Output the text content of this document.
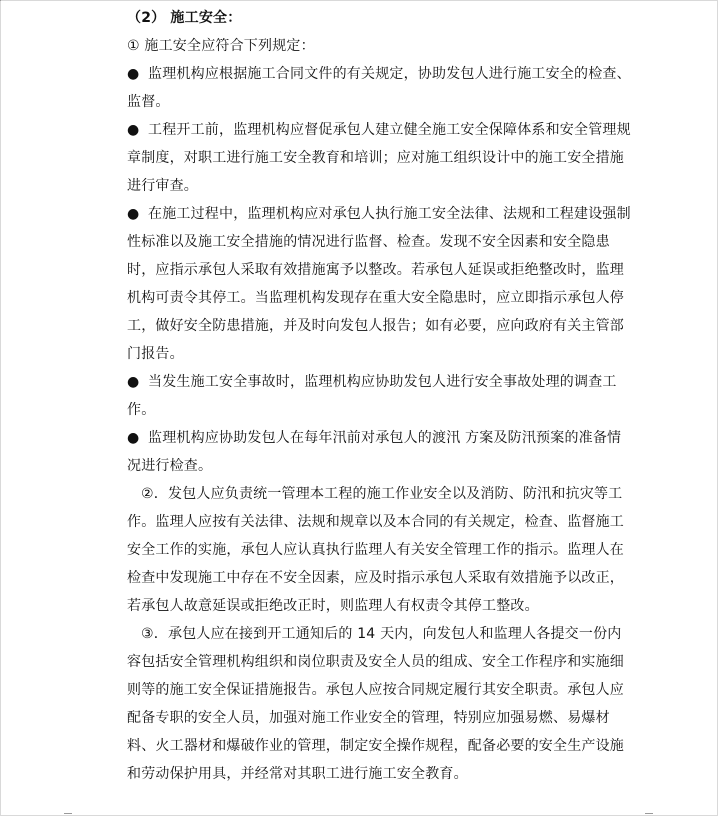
（2） 施工安全：

① 施工安全应符合下列规定：

● 监理机构应根据施工合同文件的有关规定，协助发包人进行施工安全的检查、监督。

● 工程开工前，监理机构应督促承包人建立健全施工安全保障体系和安全管理规章制度，对职工进行施工安全教育和培训；应对施工组织设计中的施工安全措施进行审查。

● 在施工过程中，监理机构应对承包人执行施工安全法律、法规和工程建设强制性标准以及施工安全措施的情况进行监督、检查。发现不安全因素和安全隐患时，应指示承包人采取有效措施寓予以整改。若承包人延误或拒绝整改时，监理机构可责令其停工。当监理机构发现存在重大安全隐患时，应立即指示承包人停工，做好安全防患措施，并及时向发包人报告；如有必要，应向政府有关主管部门报告。

● 当发生施工安全事故时，监理机构应协助发包人进行安全事故处理的调查工作。

● 监理机构应协助发包人在每年汛前对承包人的渡汛 方案及防汛预案的准备情况进行检查。

②．发包人应负责统一管理本工程的施工作业安全以及消防、防汛和抗灾等工作。监理人应按有关法律、法规和规章以及本合同的有关规定，检查、监督施工安全工作的实施，承包人应认真执行监理人有关安全管理工作的指示。监理人在检查中发现施工中存在不安全因素，应及时指示承包人采取有效措施予以改正，若承包人故意延误或拒绝改正时，则监理人有权责令其停工整改。

③．承包人应在接到开工通知后的 14 天内，向发包人和监理人各提交一份内容包括安全管理机构组织和岗位职责及安全人员的组成、安全工作程序和实施细则等的施工安全保证措施报告。承包人应按合同规定履行其安全职责。承包人应配备专职的安全人员，加强对施工作业安全的管理，特别应加强易燃、易爆材料、火工器材和爆破作业的管理，制定安全操作规程，配备必要的安全生产设施和劳动保护用具，并经常对其职工进行施工安全教育。
